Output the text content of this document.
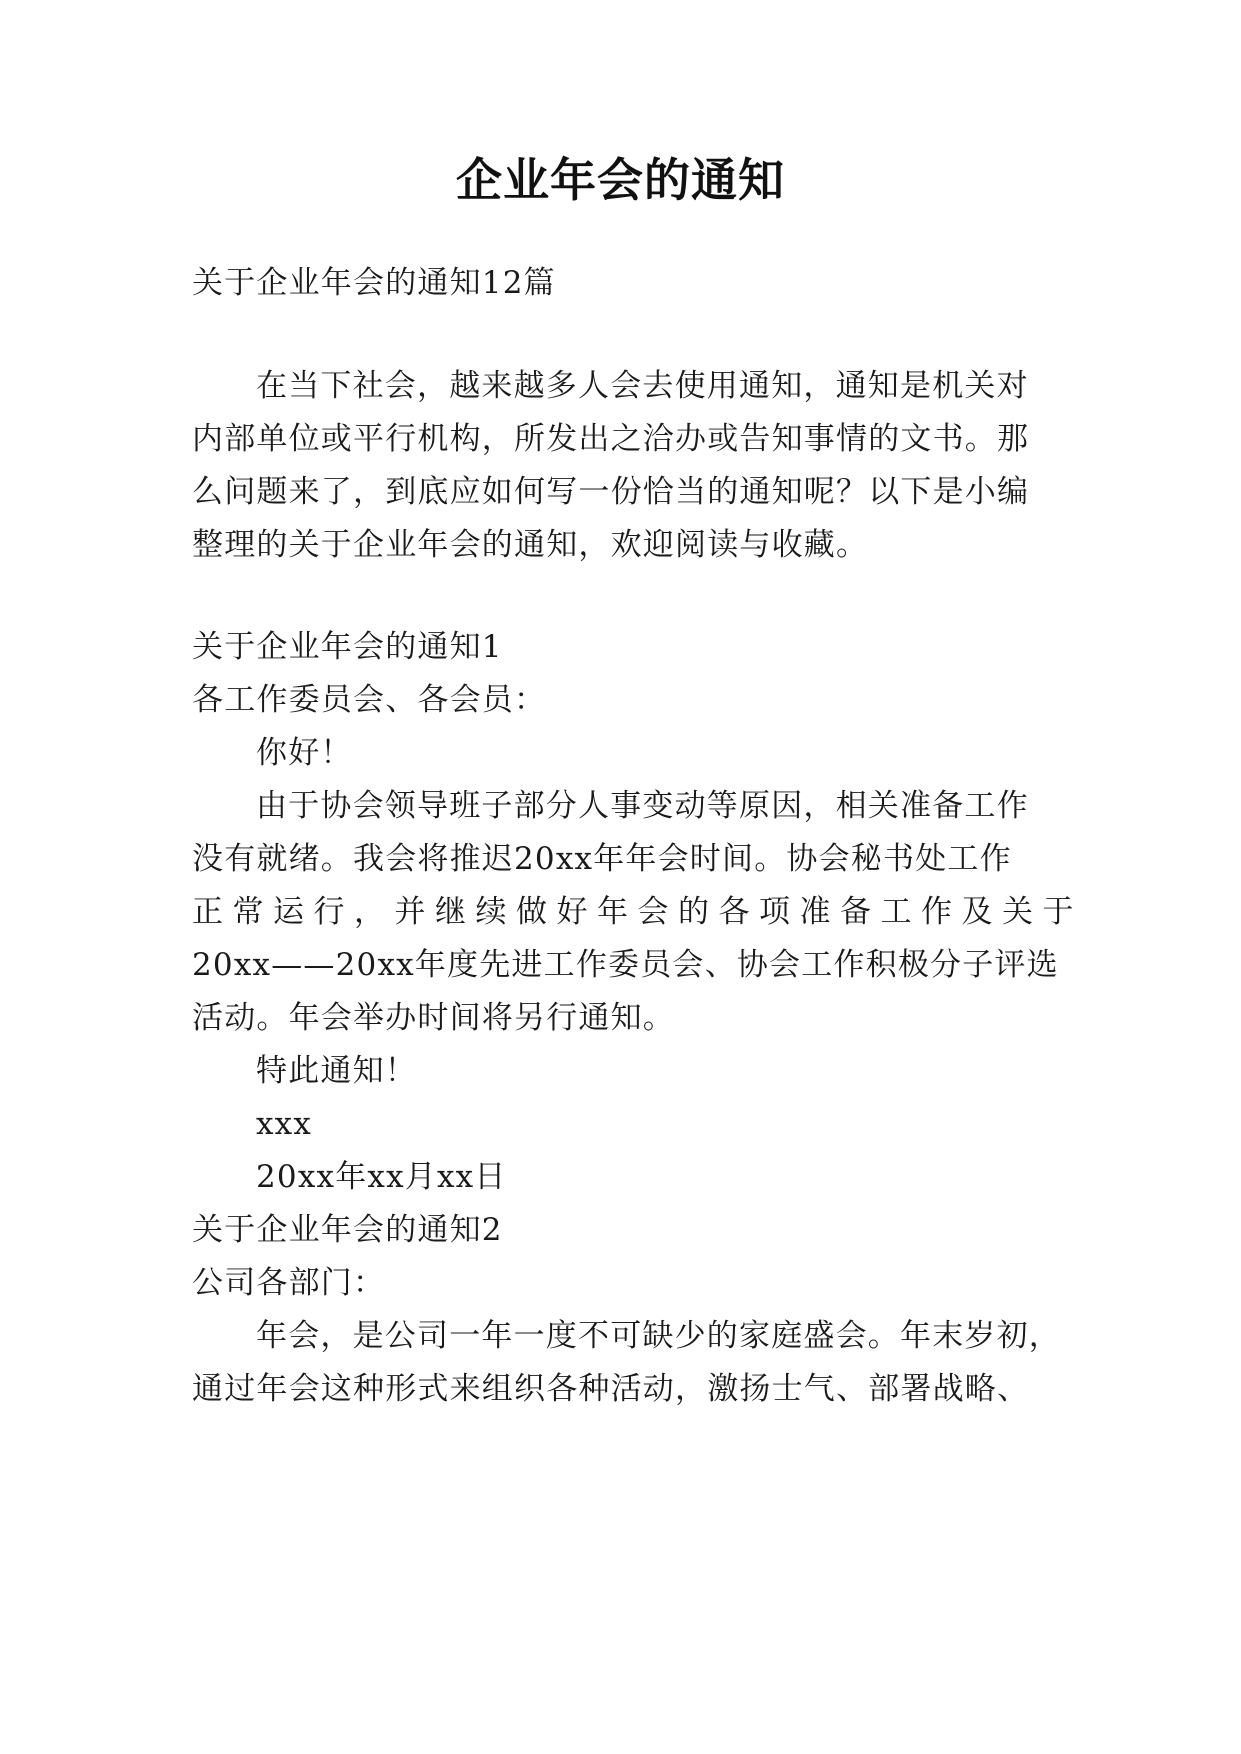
企业年会的通知
关于企业年会的通知12篇
在当下社会，越来越多人会去使用通知，通知是机关对
内部单位或平行机构，所发出之洽办或告知事情的文书。那
么问题来了，到底应如何写一份恰当的通知呢？以下是小编
整理的关于企业年会的通知，欢迎阅读与收藏。
关于企业年会的通知1
各工作委员会、各会员：
你好！
由于协会领导班子部分人事变动等原因，相关准备工作
没有就绪。我会将推迟20xx年年会时间。协会秘书处工作
正常运行，并继续做好年会的各项准备工作及关于
20xx——20xx年度先进工作委员会、协会工作积极分子评选
活动。年会举办时间将另行通知。
特此通知！
xxx
20xx年xx月xx日
关于企业年会的通知2
公司各部门：
年会，是公司一年一度不可缺少的家庭盛会。年末岁初，
通过年会这种形式来组织各种活动，激扬士气、部署战略、
